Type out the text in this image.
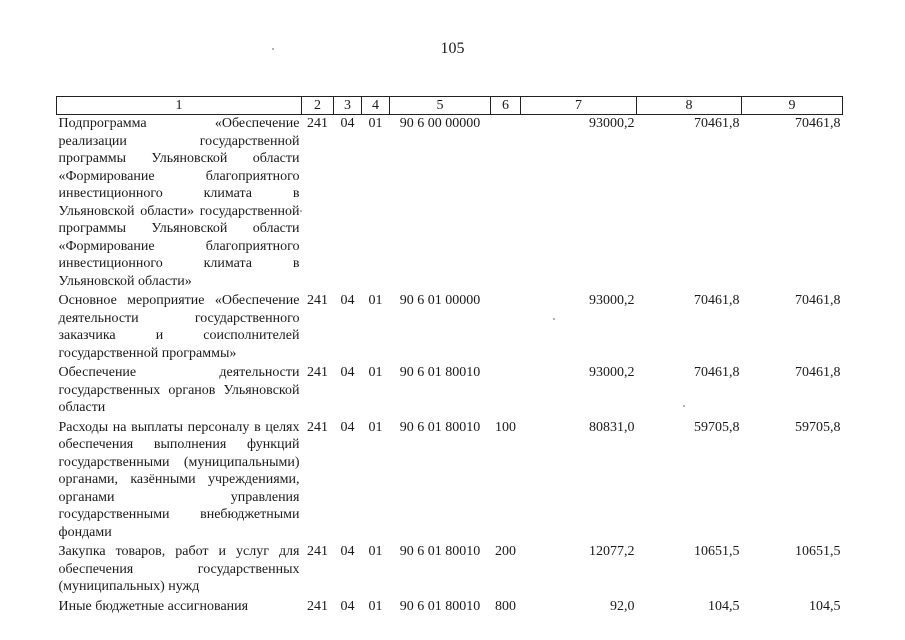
105
1	2	3	4	5	6	7	8	9
Подпрограмма «Обеспечение реализации государственной программы Ульяновской области «Формирование благоприятного инвестиционного климата в Ульяновской области» государственной программы Ульяновской области «Формирование благоприятного инвестиционного климата в Ульяновской области»	241	04	01	90 6 00 00000		93000,2	70461,8	70461,8
Основное мероприятие «Обеспечение деятельности государственного заказчика и соисполнителей государственной программы»	241	04	01	90 6 01 00000		93000,2	70461,8	70461,8
Обеспечение деятельности государственных органов Ульяновской области	241	04	01	90 6 01 80010		93000,2	70461,8	70461,8
Расходы на выплаты персоналу в целях обеспечения выполнения функций государственными (муниципальными) органами, казёнными учреждениями, органами управления государственными внебюджетными фондами	241	04	01	90 6 01 80010	100	80831,0	59705,8	59705,8
Закупка товаров, работ и услуг для обеспечения государственных (муниципальных) нужд	241	04	01	90 6 01 80010	200	12077,2	10651,5	10651,5
Иные бюджетные ассигнования	241	04	01	90 6 01 80010	800	92,0	104,5	104,5
